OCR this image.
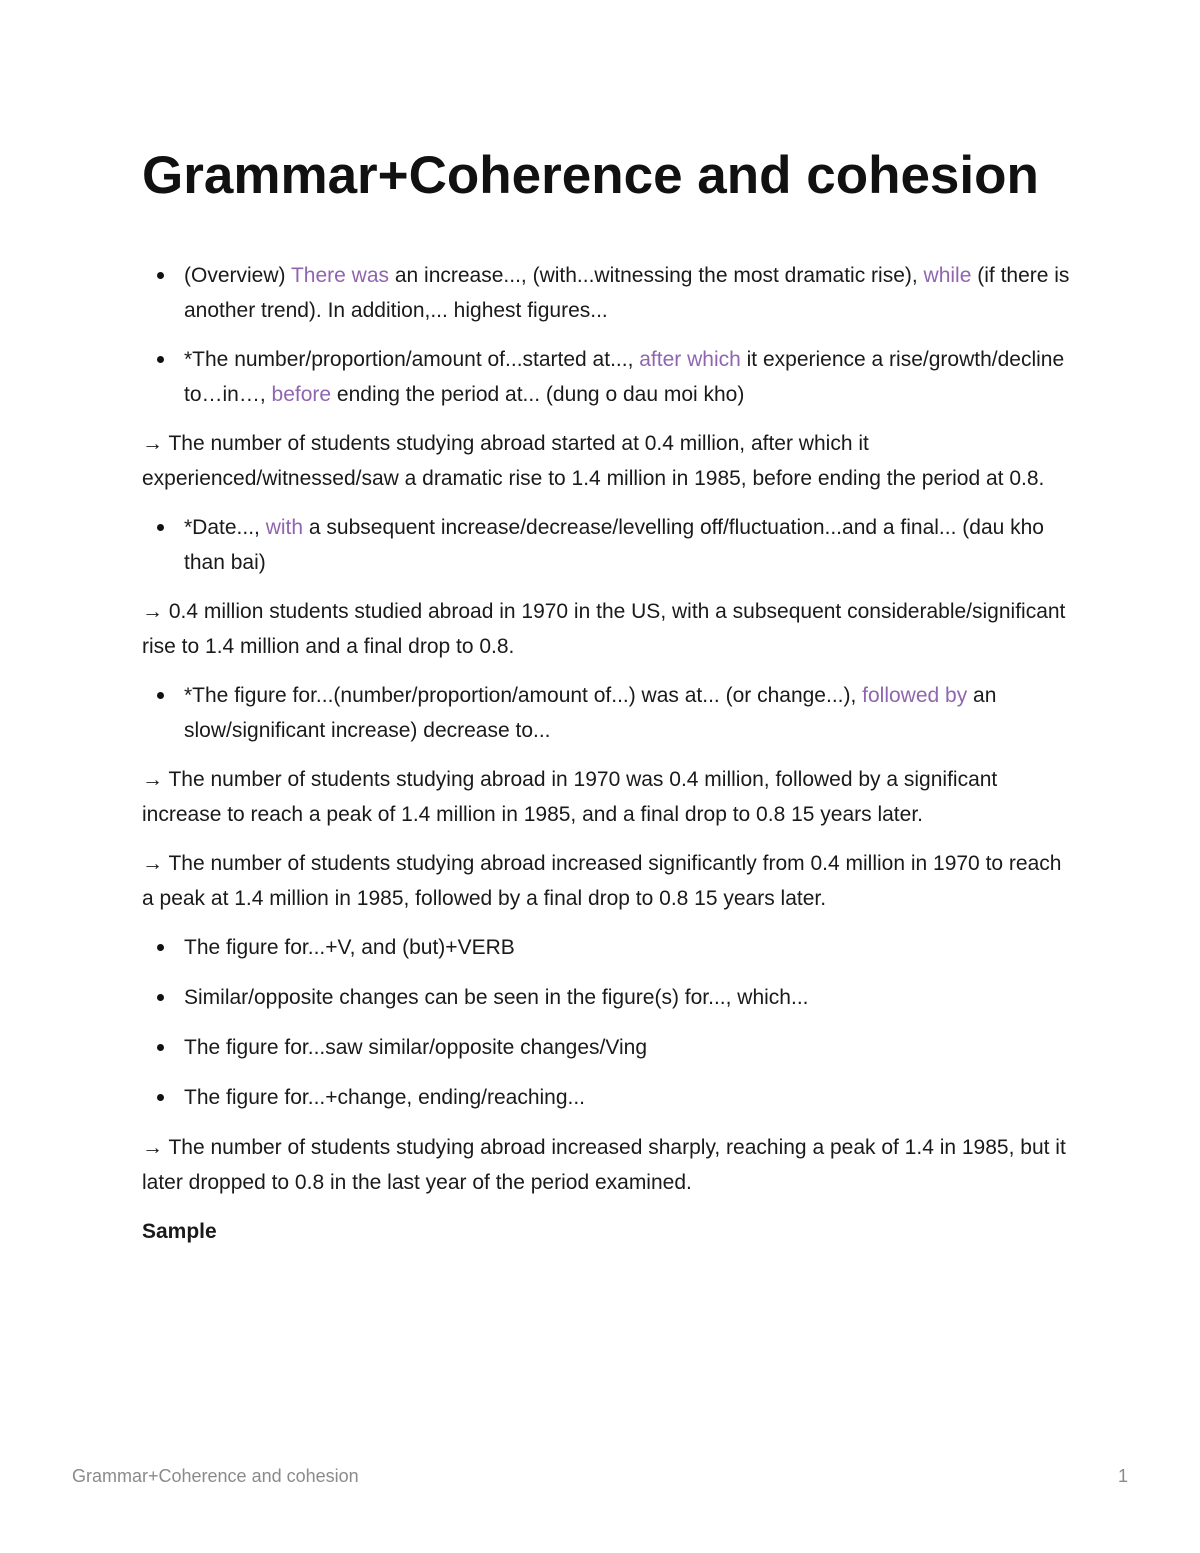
Grammar+Coherence and cohesion
(Overview) There was an increase..., (with...witnessing the most dramatic rise), while (if there is another trend). In addition,... highest figures...
*The number/proportion/amount of...started at..., after which it experience a rise/growth/decline to…in…, before ending the period at... (dung o dau moi kho)

→ The number of students studying abroad started at 0.4 million, after which it experienced/witnessed/saw a dramatic rise to 1.4 million in 1985, before ending the period at 0.8.

*Date..., with a subsequent increase/decrease/levelling off/fluctuation...and a final... (dau kho than bai)

→ 0.4 million students studied abroad in 1970 in the US, with a subsequent considerable/significant rise to 1.4 million and a final drop to 0.8.

*The figure for...(number/proportion/amount of...) was at... (or change...), followed by an slow/significant increase) decrease to...

→ The number of students studying abroad in 1970 was 0.4 million, followed by a significant increase to reach a peak of 1.4 million in 1985, and a final drop to 0.8 15 years later.

→ The number of students studying abroad increased significantly from 0.4 million in 1970 to reach a peak at 1.4 million in 1985, followed by a final drop to 0.8 15 years later.

The figure for...+V, and (but)+VERB
Similar/opposite changes can be seen in the figure(s) for..., which...
The figure for...saw similar/opposite changes/Ving
The figure for...+change, ending/reaching...

→ The number of students studying abroad increased sharply, reaching a peak of 1.4 in 1985, but it later dropped to 0.8 in the last year of the period examined.

Sample

Grammar+Coherence and cohesion	1
